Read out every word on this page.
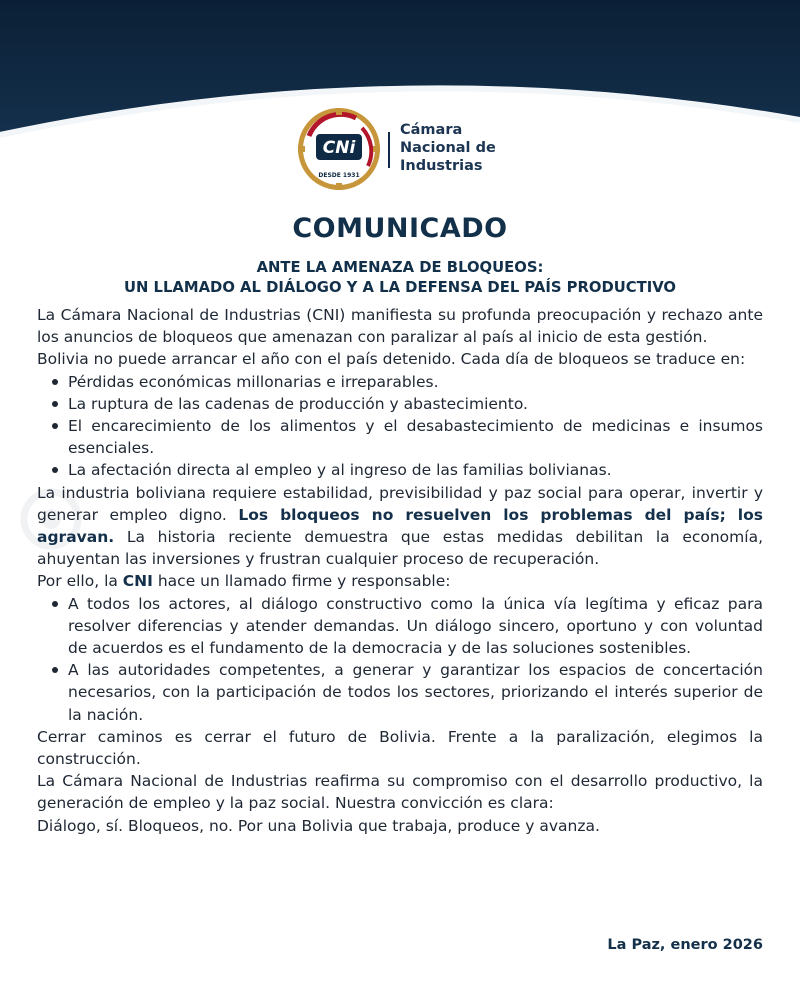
CNi
DESDE 1931
Cámara
Nacional de
Industrias
COMUNICADO
ANTE LA AMENAZA DE BLOQUEOS:
UN LLAMADO AL DIÁLOGO Y A LA DEFENSA DEL PAÍS PRODUCTIVO

La Cámara Nacional de Industrias (CNI) manifiesta su profunda preocupación y rechazo ante los anuncios de bloqueos que amenazan con paralizar al país al inicio de esta gestión.

Bolivia no puede arrancar el año con el país detenido. Cada día de bloqueos se traduce en:

Pérdidas económicas millonarias e irreparables.
La ruptura de las cadenas de producción y abastecimiento.
El encarecimiento de los alimentos y el desabastecimiento de medicinas e insumos esenciales.
La afectación directa al empleo y al ingreso de las familias bolivianas.

La industria boliviana requiere estabilidad, previsibilidad y paz social para operar, invertir y generar empleo digno. Los bloqueos no resuelven los problemas del país; los agravan. La historia reciente demuestra que estas medidas debilitan la economía, ahuyentan las inversiones y frustran cualquier proceso de recuperación.

Por ello, la CNI hace un llamado firme y responsable:

A todos los actores, al diálogo constructivo como la única vía legítima y eficaz para resolver diferencias y atender demandas. Un diálogo sincero, oportuno y con voluntad de acuerdos es el fundamento de la democracia y de las soluciones sostenibles.
A las autoridades competentes, a generar y garantizar los espacios de concertación necesarios, con la participación de todos los sectores, priorizando el interés superior de la nación.

Cerrar caminos es cerrar el futuro de Bolivia. Frente a la paralización, elegimos la construcción.

La Cámara Nacional de Industrias reafirma su compromiso con el desarrollo productivo, la generación de empleo y la paz social. Nuestra convicción es clara:

Diálogo, sí. Bloqueos, no. Por una Bolivia que trabaja, produce y avanza.

La Paz, enero 2026
